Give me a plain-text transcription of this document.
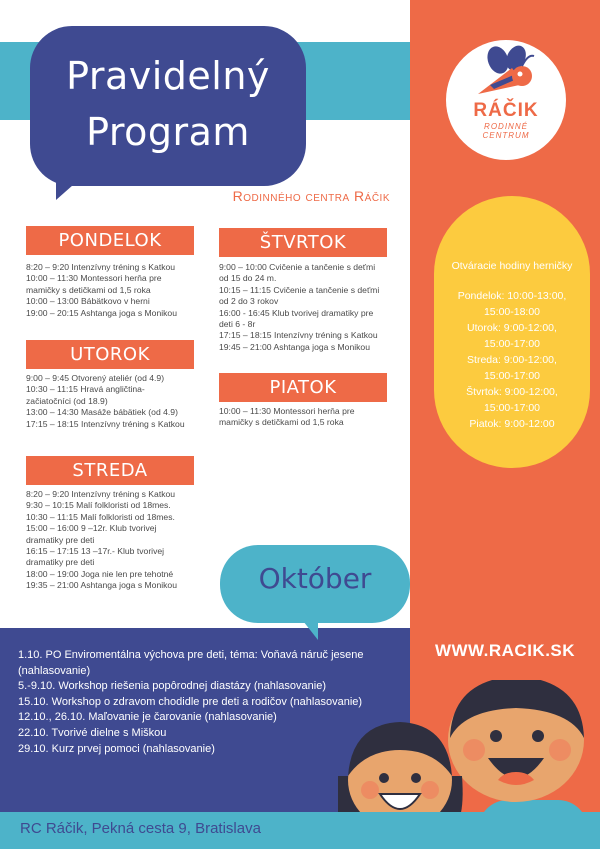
Pravidelný
Program
Rodinného centra Ráčik
RÁČIK
RODINNÉ
CENTRUM
PONDELOK
8:20 – 9:20 Intenzívny tréning s Katkou
10:00 – 11:30 Montessori herňa pre
mamičky s detičkami od 1,5 roka
10:00 – 13:00 Bábätkovo v herni
19:00 – 20:15 Ashtanga joga s Monikou
UTOROK
9:00 – 9:45 Otvorený ateliér (od 4.9)
10:30 – 11:15 Hravá angličtina-
začiatočníci (od 18.9)
13:00 – 14:30 Masáže bábätiek (od 4.9)
17:15 – 18:15 Intenzívny tréning s Katkou
STREDA
8:20 – 9:20 Intenzívny tréning s Katkou
9:30 – 10:15 Malí folkloristi od 18mes.
10:30 – 11:15 Malí folkloristi od 18mes.
15:00 – 16:00 9 –12r. Klub tvorivej
dramatiky pre deti
16:15 – 17:15 13 –17r.- Klub tvorivej
dramatiky pre deti
18:00 – 19:00 Joga nie len pre tehotné
19:35 – 21:00 Ashtanga joga s Monikou
ŠTVRTOK
9:00 – 10:00 Cvičenie a tančenie s deťmi
od 15 do 24 m.
10:15 – 11:15 Cvičenie a tančenie s deťmi
od 2 do 3 rokov
16:00 - 16:45 Klub tvorivej dramatiky pre
deti 6 - 8r
17:15 – 18:15 Intenzívny tréning s Katkou
19:45 – 21:00 Ashtanga joga s Monikou
PIATOK
10:00 – 11:30 Montessori herňa pre
mamičky s detičkami od 1,5 roka
Otváracie hodiny herničky
Pondelok: 10:00-13:00,
15:00-18:00
Utorok: 9:00-12:00,
15:00-17:00
Streda: 9:00-12:00,
15:00-17:00
Štvrtok: 9:00-12:00,
15:00-17:00
Piatok: 9:00-12:00
Október
1.10. PO Enviromentálna výchova pre deti, téma: Voňavá náruč jesene
(nahlasovanie)
5.-9.10. Workshop riešenia popôrodnej diastázy (nahlasovanie)
15.10. Workshop o zdravom chodidle pre deti a rodičov (nahlasovanie)
12.10., 26.10. Maľovanie je čarovanie (nahlasovanie)
22.10. Tvorivé dielne s Miškou
29.10. Kurz prvej pomoci (nahlasovanie)
WWW.RACIK.SK
RC Ráčik, Pekná cesta 9, Bratislava
